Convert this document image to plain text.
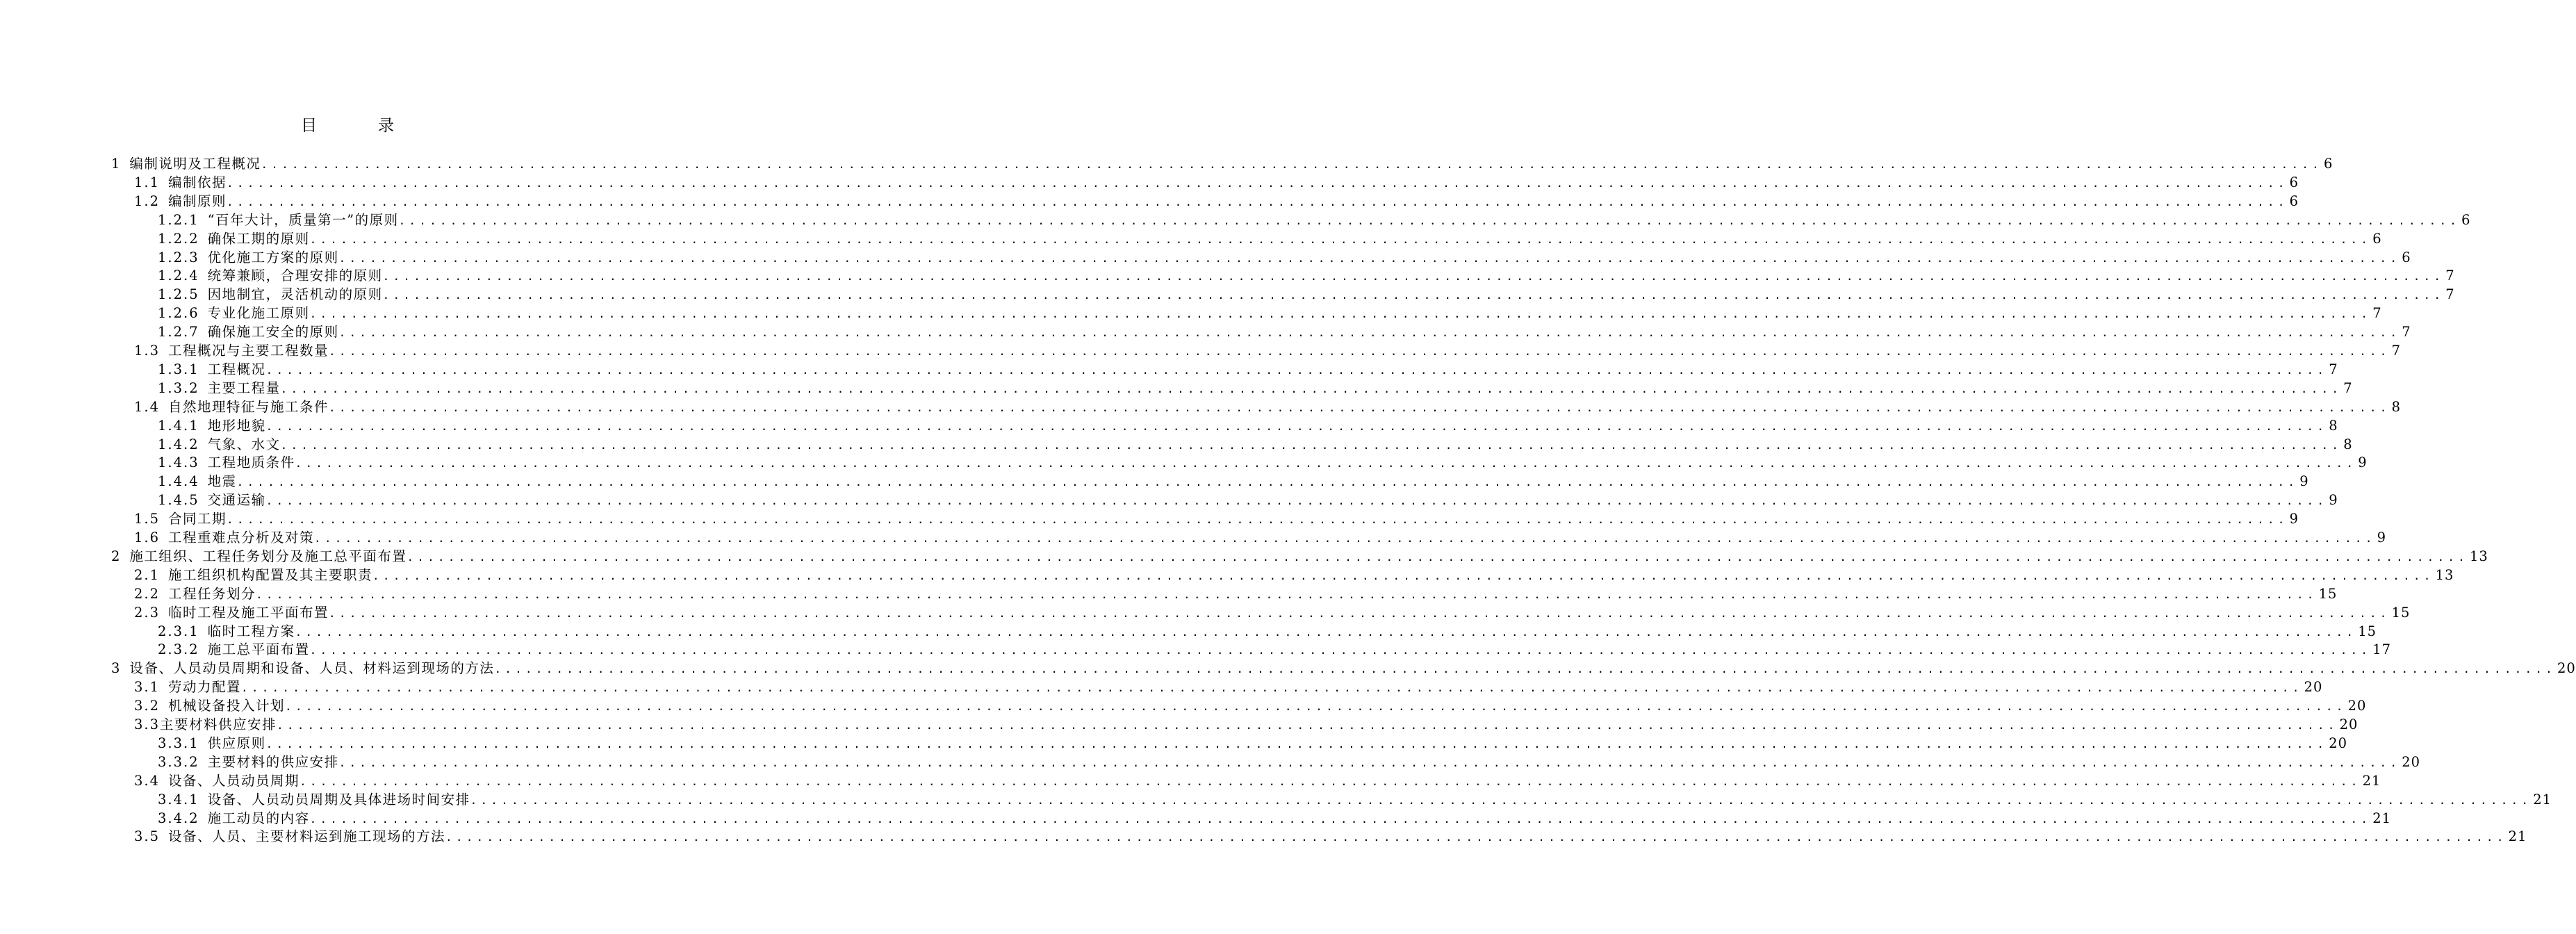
目	录
1 编制说明及工程概况 ........................................................................................................................................................................................................ 6
1.1 编制依据 ........................................................................................................................................................................................................ 6
1.2 编制原则 ........................................................................................................................................................................................................ 6
1.2.1 “百年大计，质量第一”的原则 ........................................................................................................................................................................................................ 6
1.2.2 确保工期的原则 ........................................................................................................................................................................................................ 6
1.2.3 优化施工方案的原则 ........................................................................................................................................................................................................ 6
1.2.4 统筹兼顾，合理安排的原则 ........................................................................................................................................................................................................ 7
1.2.5 因地制宜，灵活机动的原则 ........................................................................................................................................................................................................ 7
1.2.6 专业化施工原则 ........................................................................................................................................................................................................ 7
1.2.7 确保施工安全的原则 ........................................................................................................................................................................................................ 7
1.3 工程概况与主要工程数量 ........................................................................................................................................................................................................ 7
1.3.1 工程概况 ........................................................................................................................................................................................................ 7
1.3.2 主要工程量 ........................................................................................................................................................................................................ 7
1.4 自然地理特征与施工条件 ........................................................................................................................................................................................................ 8
1.4.1 地形地貌 ........................................................................................................................................................................................................ 8
1.4.2 气象、水文 ........................................................................................................................................................................................................ 8
1.4.3 工程地质条件 ........................................................................................................................................................................................................ 9
1.4.4 地震 ........................................................................................................................................................................................................ 9
1.4.5 交通运输 ........................................................................................................................................................................................................ 9
1.5 合同工期 ........................................................................................................................................................................................................ 9
1.6 工程重难点分析及对策 ........................................................................................................................................................................................................ 9
2 施工组织、工程任务划分及施工总平面布置 ........................................................................................................................................................................................................ 13
2.1 施工组织机构配置及其主要职责 ........................................................................................................................................................................................................ 13
2.2 工程任务划分 ........................................................................................................................................................................................................ 15
2.3 临时工程及施工平面布置 ........................................................................................................................................................................................................ 15
2.3.1 临时工程方案 ........................................................................................................................................................................................................ 15
2.3.2 施工总平面布置 ........................................................................................................................................................................................................ 17
3 设备、人员动员周期和设备、人员、材料运到现场的方法 ........................................................................................................................................................................................................ 20
3.1 劳动力配置 ........................................................................................................................................................................................................ 20
3.2 机械设备投入计划 ........................................................................................................................................................................................................ 20
3.3 主要材料供应安排 ........................................................................................................................................................................................................ 20
3.3.1 供应原则 ........................................................................................................................................................................................................ 20
3.3.2 主要材料的供应安排 ........................................................................................................................................................................................................ 20
3.4 设备、人员动员周期 ........................................................................................................................................................................................................ 21
3.4.1 设备、人员动员周期及具体进场时间安排 ........................................................................................................................................................................................................ 21
3.4.2 施工动员的内容 ........................................................................................................................................................................................................ 21
3.5 设备、人员、主要材料运到施工现场的方法 ........................................................................................................................................................................................................ 21
